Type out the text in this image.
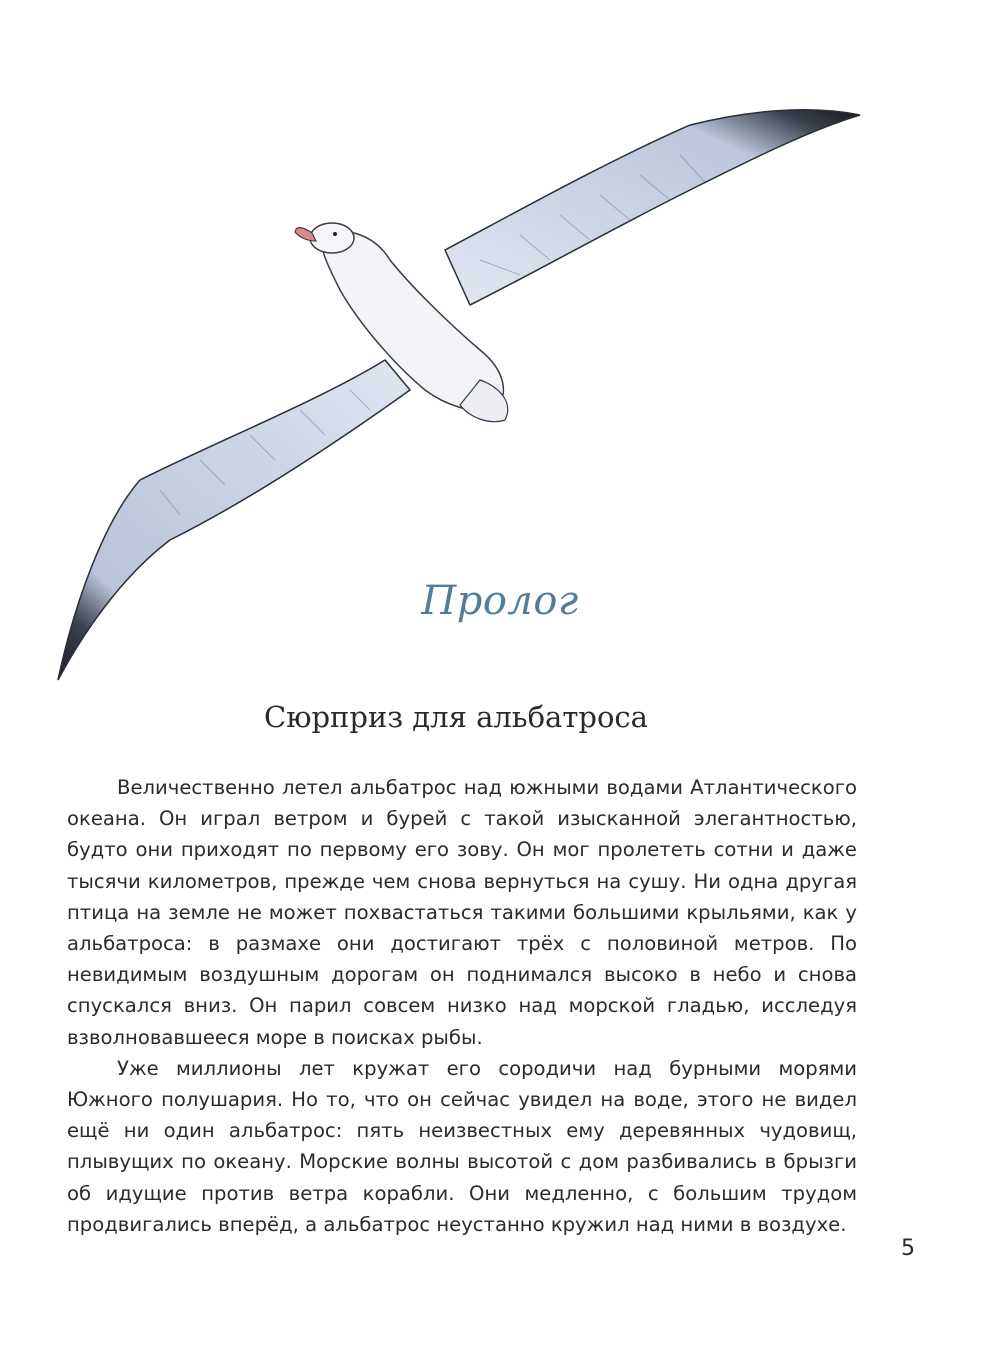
Пролог
Сюрприз для альбатроса

Величественно летел альбатрос над южными водами Атлантического океана. Он играл ветром и бурей с такой изысканной элегантностью, будто они приходят по первому его зову. Он мог пролететь сотни и даже тысячи километров, прежде чем снова вернуться на сушу. Ни одна другая птица на земле не может похвастаться такими большими крыльями, как у альбатроса: в размахе они достигают трёх с половиной метров. По невидимым воздушным дорогам он поднимался высоко в небо и снова спускался вниз. Он парил совсем низко над морской гладью, исследуя взволновавшееся море в поисках рыбы.

Уже миллионы лет кружат его сородичи над бурными морями Южного полушария. Но то, что он сейчас увидел на воде, этого не видел ещё ни один альбатрос: пять неизвестных ему деревянных чудовищ, плывущих по океану. Морские волны высотой с дом разбивались в брызги об идущие против ветра корабли. Они медленно, с большим трудом продвигались вперёд, а альбатрос неустанно кружил над ними в воздухе.

5
